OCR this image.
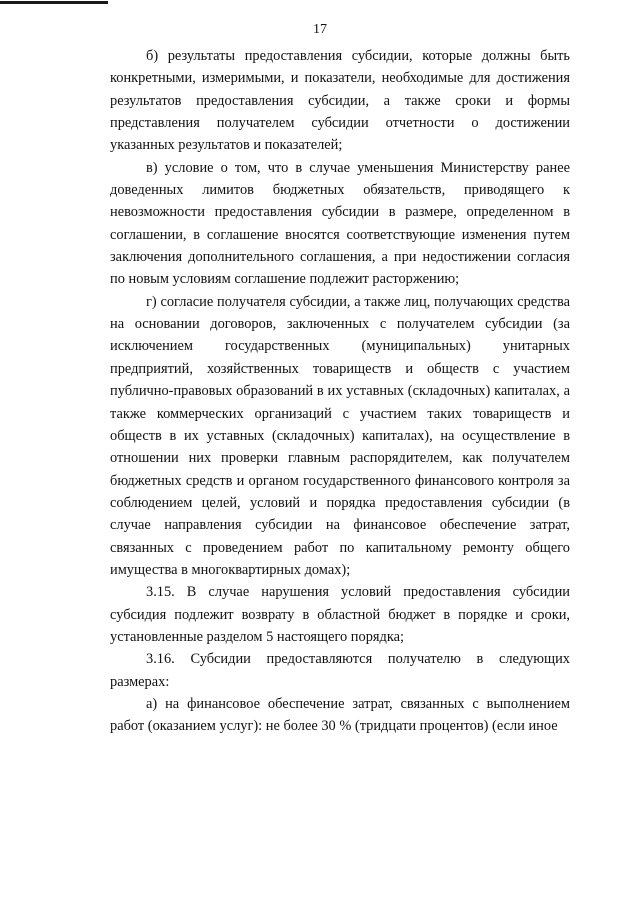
17

б) результаты предоставления субсидии, которые должны быть конкретными, измеримыми, и показатели, необходимые для достижения результатов предоставления субсидии, а также сроки и формы представления получателем субсидии отчетности о достижении указанных результатов и показателей;

в) условие о том, что в случае уменьшения Министерству ранее доведенных лимитов бюджетных обязательств, приводящего к невозможности предоставления субсидии в размере, определенном в соглашении, в соглашение вносятся соответствующие изменения путем заключения дополнительного соглашения, а при недостижении согласия по новым условиям соглашение подлежит расторжению;

г) согласие получателя субсидии, а также лиц, получающих средства на основании договоров, заключенных с получателем субсидии (за исключением государственных (муниципальных) унитарных предприятий, хозяйственных товариществ и обществ с участием публично-правовых образований в их уставных (складочных) капиталах, а также коммерческих организаций с участием таких товариществ и обществ в их уставных (складочных) капиталах), на осуществление в отношении них проверки главным распорядителем, как получателем бюджетных средств и органом государственного финансового контроля за соблюдением целей, условий и порядка предоставления субсидии (в случае направления субсидии на финансовое обеспечение затрат, связанных с проведением работ по капитальному ремонту общего имущества в многоквартирных домах);

3.15. В случае нарушения условий предоставления субсидии субсидия подлежит возврату в областной бюджет в порядке и сроки, установленные разделом 5 настоящего порядка;

3.16. Субсидии предоставляются получателю в следующих размерах:

а) на финансовое обеспечение затрат, связанных с выполнением работ (оказанием услуг): не более 30 % (тридцати процентов) (если иное
